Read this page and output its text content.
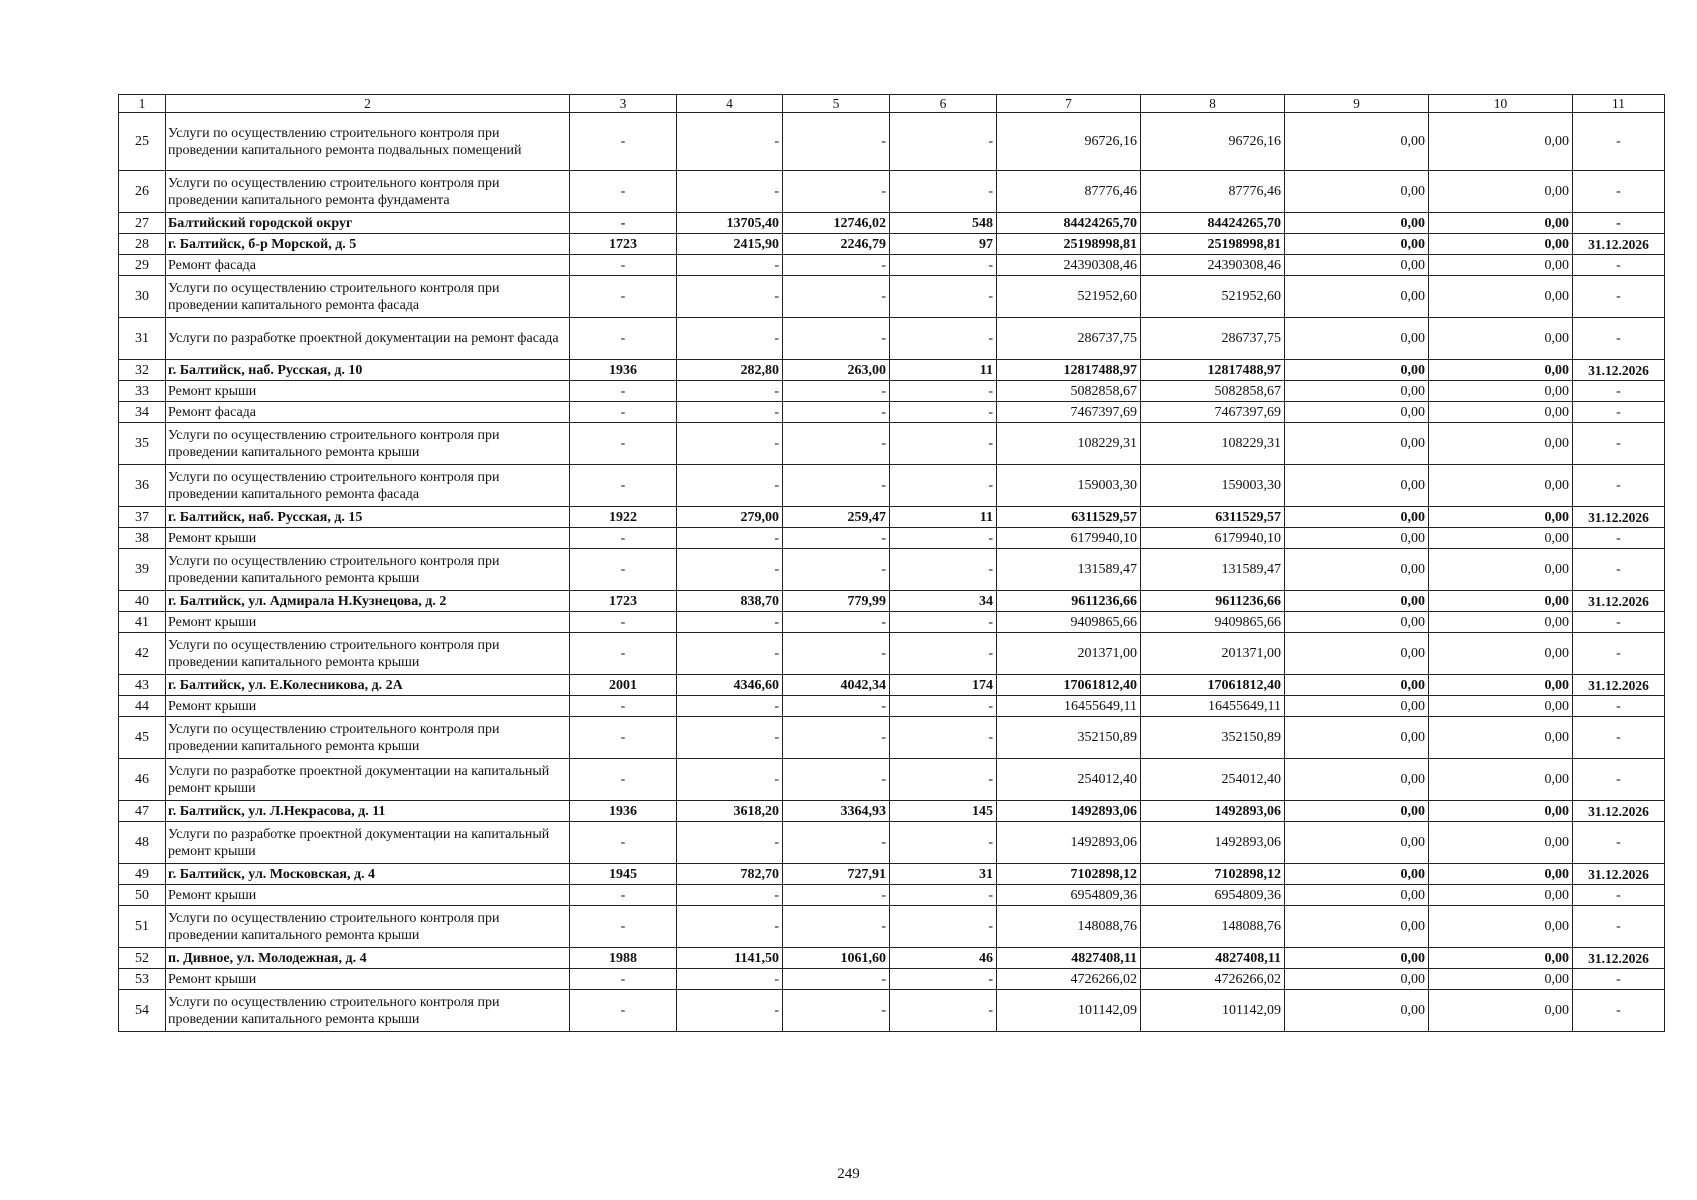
1	2	3	4	5	6	7	8	9	10	11
25	Услуги по осуществлению строительного контроля при проведении капитального ремонта подвальных помещений	-	-	-	-	96726,16	96726,16	0,00	0,00	-
26	Услуги по осуществлению строительного контроля при проведении капитального ремонта фундамента	-	-	-	-	87776,46	87776,46	0,00	0,00	-
27	Балтийский городской округ	-	13705,40	12746,02	548	84424265,70	84424265,70	0,00	0,00	-
28	г. Балтийск, б-р Морской, д. 5	1723	2415,90	2246,79	97	25198998,81	25198998,81	0,00	0,00	31.12.2026
29	Ремонт фасада	-	-	-	-	24390308,46	24390308,46	0,00	0,00	-
30	Услуги по осуществлению строительного контроля при проведении капитального ремонта фасада	-	-	-	-	521952,60	521952,60	0,00	0,00	-
31	Услуги по разработке проектной документации на ремонт фасада	-	-	-	-	286737,75	286737,75	0,00	0,00	-
32	г. Балтийск, наб. Русская, д. 10	1936	282,80	263,00	11	12817488,97	12817488,97	0,00	0,00	31.12.2026
33	Ремонт крыши	-	-	-	-	5082858,67	5082858,67	0,00	0,00	-
34	Ремонт фасада	-	-	-	-	7467397,69	7467397,69	0,00	0,00	-
35	Услуги по осуществлению строительного контроля при проведении капитального ремонта крыши	-	-	-	-	108229,31	108229,31	0,00	0,00	-
36	Услуги по осуществлению строительного контроля при проведении капитального ремонта фасада	-	-	-	-	159003,30	159003,30	0,00	0,00	-
37	г. Балтийск, наб. Русская, д. 15	1922	279,00	259,47	11	6311529,57	6311529,57	0,00	0,00	31.12.2026
38	Ремонт крыши	-	-	-	-	6179940,10	6179940,10	0,00	0,00	-
39	Услуги по осуществлению строительного контроля при проведении капитального ремонта крыши	-	-	-	-	131589,47	131589,47	0,00	0,00	-
40	г. Балтийск, ул. Адмирала Н.Кузнецова, д. 2	1723	838,70	779,99	34	9611236,66	9611236,66	0,00	0,00	31.12.2026
41	Ремонт крыши	-	-	-	-	9409865,66	9409865,66	0,00	0,00	-
42	Услуги по осуществлению строительного контроля при проведении капитального ремонта крыши	-	-	-	-	201371,00	201371,00	0,00	0,00	-
43	г. Балтийск, ул. Е.Колесникова, д. 2А	2001	4346,60	4042,34	174	17061812,40	17061812,40	0,00	0,00	31.12.2026
44	Ремонт крыши	-	-	-	-	16455649,11	16455649,11	0,00	0,00	-
45	Услуги по осуществлению строительного контроля при проведении капитального ремонта крыши	-	-	-	-	352150,89	352150,89	0,00	0,00	-
46	Услуги по разработке проектной документации на капитальный ремонт крыши	-	-	-	-	254012,40	254012,40	0,00	0,00	-
47	г. Балтийск, ул. Л.Некрасова, д. 11	1936	3618,20	3364,93	145	1492893,06	1492893,06	0,00	0,00	31.12.2026
48	Услуги по разработке проектной документации на капитальный ремонт крыши	-	-	-	-	1492893,06	1492893,06	0,00	0,00	-
49	г. Балтийск, ул. Московская, д. 4	1945	782,70	727,91	31	7102898,12	7102898,12	0,00	0,00	31.12.2026
50	Ремонт крыши	-	-	-	-	6954809,36	6954809,36	0,00	0,00	-
51	Услуги по осуществлению строительного контроля при проведении капитального ремонта крыши	-	-	-	-	148088,76	148088,76	0,00	0,00	-
52	п. Дивное, ул. Молодежная, д. 4	1988	1141,50	1061,60	46	4827408,11	4827408,11	0,00	0,00	31.12.2026
53	Ремонт крыши	-	-	-	-	4726266,02	4726266,02	0,00	0,00	-
54	Услуги по осуществлению строительного контроля при проведении капитального ремонта крыши	-	-	-	-	101142,09	101142,09	0,00	0,00	-
249
